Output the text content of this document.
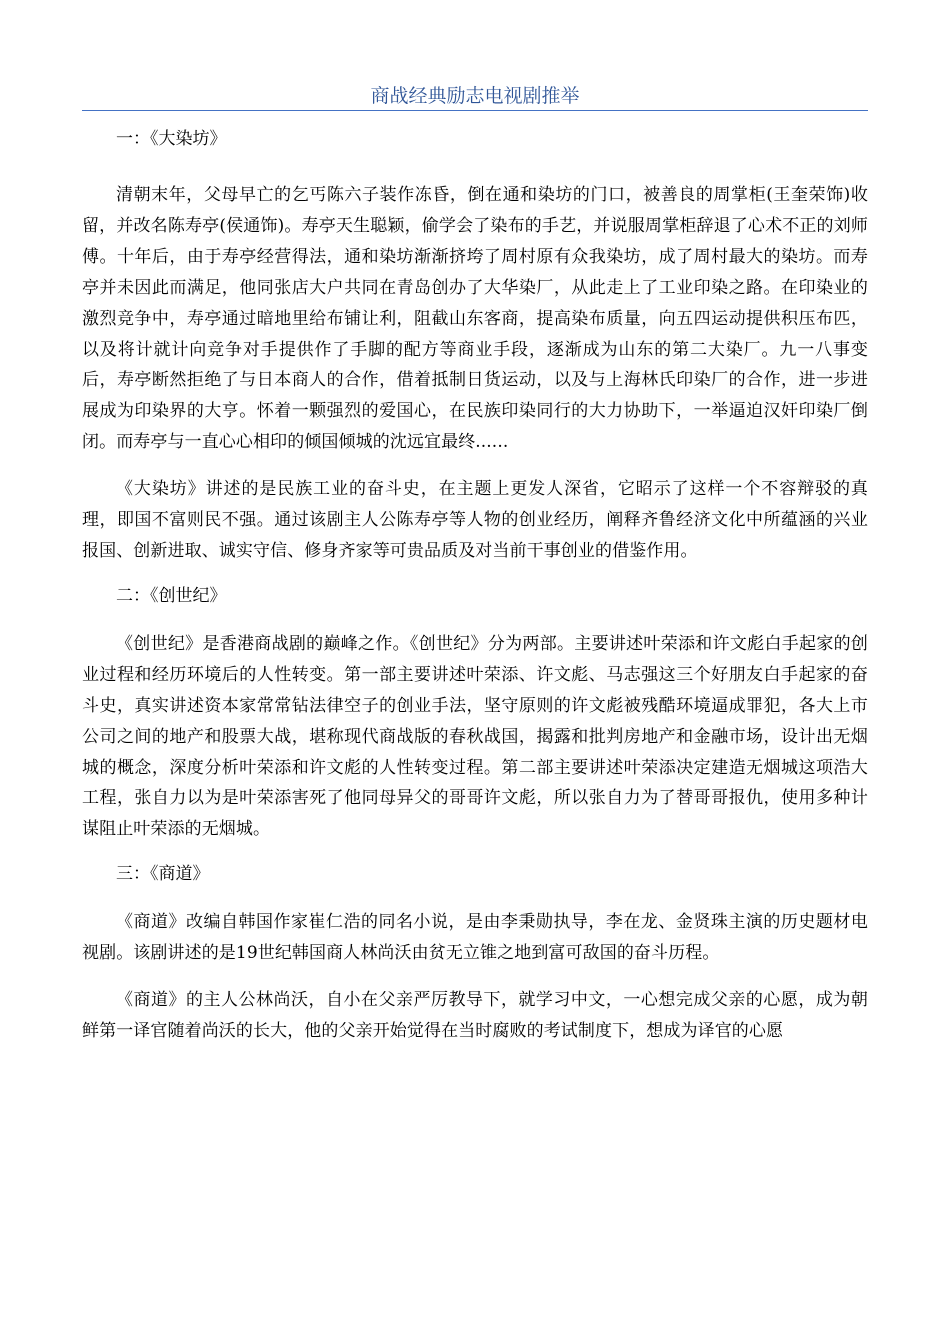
商战经典励志电视剧推举
一：《大染坊》

清朝末年，父母早亡的乞丐陈六子装作冻昏，倒在通和染坊的门口，被善良的周掌柜(王奎荣饰)收留，并改名陈寿亭(侯通饰)。寿亭天生聪颖，偷学会了染布的手艺，并说服周掌柜辞退了心术不正的刘师傅。十年后，由于寿亭经营得法，通和染坊渐渐挤垮了周村原有众我染坊，成了周村最大的染坊。而寿亭并未因此而满足，他同张店大户共同在青岛创办了大华染厂，从此走上了工业印染之路。在印染业的激烈竞争中，寿亭通过暗地里给布铺让利，阻截山东客商，提高染布质量，向五四运动提供积压布匹，以及将计就计向竞争对手提供作了手脚的配方等商业手段，逐渐成为山东的第二大染厂。九一八事变后，寿亭断然拒绝了与日本商人的合作，借着抵制日货运动，以及与上海林氏印染厂的合作，进一步进展成为印染界的大亨。怀着一颗强烈的爱国心，在民族印染同行的大力协助下，一举逼迫汉奸印染厂倒闭。而寿亭与一直心心相印的倾国倾城的沈远宜最终......

《大染坊》讲述的是民族工业的奋斗史，在主题上更发人深省，它昭示了这样一个不容辩驳的真理，即国不富则民不强。通过该剧主人公陈寿亭等人物的创业经历，阐释齐鲁经济文化中所蕴涵的兴业报国、创新进取、诚实守信、修身齐家等可贵品质及对当前干事创业的借鉴作用。

二：《创世纪》

《创世纪》是香港商战剧的巅峰之作。《创世纪》分为两部。主要讲述叶荣添和许文彪白手起家的创业过程和经历环境后的人性转变。第一部主要讲述叶荣添、许文彪、马志强这三个好朋友白手起家的奋斗史，真实讲述资本家常常钻法律空子的创业手法，坚守原则的许文彪被残酷环境逼成罪犯，各大上市公司之间的地产和股票大战，堪称现代商战版的春秋战国，揭露和批判房地产和金融市场，设计出无烟城的概念，深度分析叶荣添和许文彪的人性转变过程。第二部主要讲述叶荣添决定建造无烟城这项浩大工程，张自力以为是叶荣添害死了他同母异父的哥哥许文彪，所以张自力为了替哥哥报仇，使用多种计谋阻止叶荣添的无烟城。

三：《商道》

《商道》改编自韩国作家崔仁浩的同名小说，是由李秉勋执导，李在龙、金贤珠主演的历史题材电视剧。该剧讲述的是19世纪韩国商人林尚沃由贫无立锥之地到富可敌国的奋斗历程。

《商道》的主人公林尚沃，自小在父亲严厉教导下，就学习中文，一心想完成父亲的心愿，成为朝鲜第一译官随着尚沃的长大，他的父亲开始觉得在当时腐败的考试制度下，想成为译官的心愿
